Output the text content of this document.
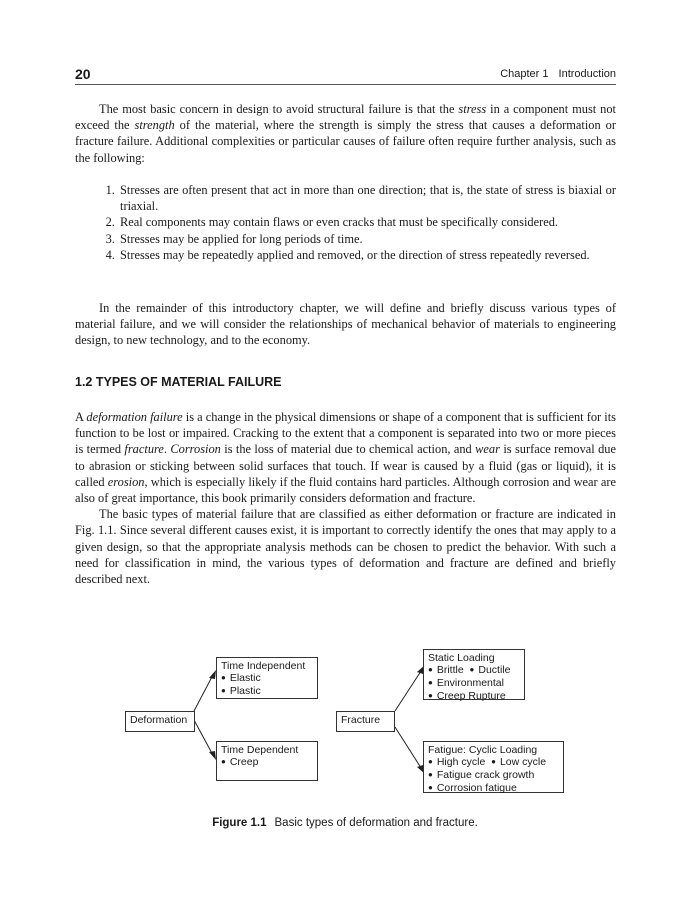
20	Chapter 1 Introduction

The most basic concern in design to avoid structural failure is that the stress in a component must not exceed the strength of the material, where the strength is simply the stress that causes a deformation or fracture failure. Additional complexities or particular causes of failure often require further analysis, such as the following:

1. Stresses are often present that act in more than one direction; that is, the state of stress is biaxial or triaxial.
2. Real components may contain flaws or even cracks that must be specifically considered.
3. Stresses may be applied for long periods of time.
4. Stresses may be repeatedly applied and removed, or the direction of stress repeatedly reversed.

In the remainder of this introductory chapter, we will define and briefly discuss various types of material failure, and we will consider the relationships of mechanical behavior of materials to engineering design, to new technology, and to the economy.

1.2 TYPES OF MATERIAL FAILURE

A deformation failure is a change in the physical dimensions or shape of a component that is sufficient for its function to be lost or impaired. Cracking to the extent that a component is separated into two or more pieces is termed fracture. Corrosion is the loss of material due to chemical action, and wear is surface removal due to abrasion or sticking between solid surfaces that touch. If wear is caused by a fluid (gas or liquid), it is called erosion, which is especially likely if the fluid contains hard particles. Although corrosion and wear are also of great importance, this book primarily considers deformation and fracture.

The basic types of material failure that are classified as either deformation or fracture are indicated in Fig. 1.1. Since several different causes exist, it is important to correctly identify the ones that may apply to a given design, so that the appropriate analysis methods can be chosen to predict the behavior. With such a need for classification in mind, the various types of deformation and fracture are defined and briefly described next.

Deformation
Time Independent
● Elastic
● Plastic
Time Dependent
● Creep
Fracture
Static Loading
● Brittle ● Ductile
● Environmental
● Creep Rupture
Fatigue: Cyclic Loading
● High cycle ● Low cycle
● Fatigue crack growth
● Corrosion fatigue
Figure 1.1 Basic types of deformation and fracture.
